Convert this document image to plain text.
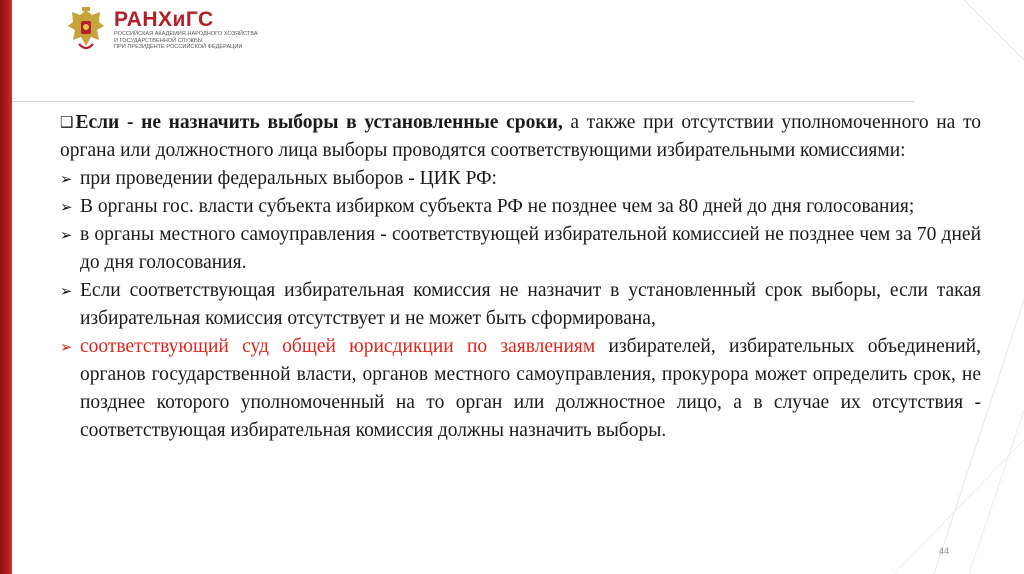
РАНХиГС
РОССИЙСКАЯ АКАДЕМИЯ НАРОДНОГО ХОЗЯЙСТВА
И ГОСУДАРСТВЕННОЙ СЛУЖБЫ
ПРИ ПРЕЗИДЕНТЕ РОССИЙСКОЙ ФЕДЕРАЦИИ

❑ Если - не назначить выборы в установленные сроки, а также при отсутствии уполномоченного на то органа или должностного лица выборы проводятся соответствующими избирательными комиссиями:

➢ при проведении федеральных выборов - ЦИК РФ:

➢ В органы гос. власти субъекта избирком субъекта РФ не позднее чем за 80 дней до дня голосования;

➢ в органы местного самоуправления - соответствующей избирательной комиссией не позднее чем за 70 дней до дня голосования.

➢ Если соответствующая избирательная комиссия не назначит в установленный срок выборы, если такая избирательная комиссия отсутствует и не может быть сформирована,

➢ соответствующий суд общей юрисдикции по заявлениям избирателей, избирательных объединений, органов государственной власти, органов местного самоуправления, прокурора может определить срок, не позднее которого уполномоченный на то орган или должностное лицо, а в случае их отсутствия - соответствующая избирательная комиссия должны назначить выборы.

44
